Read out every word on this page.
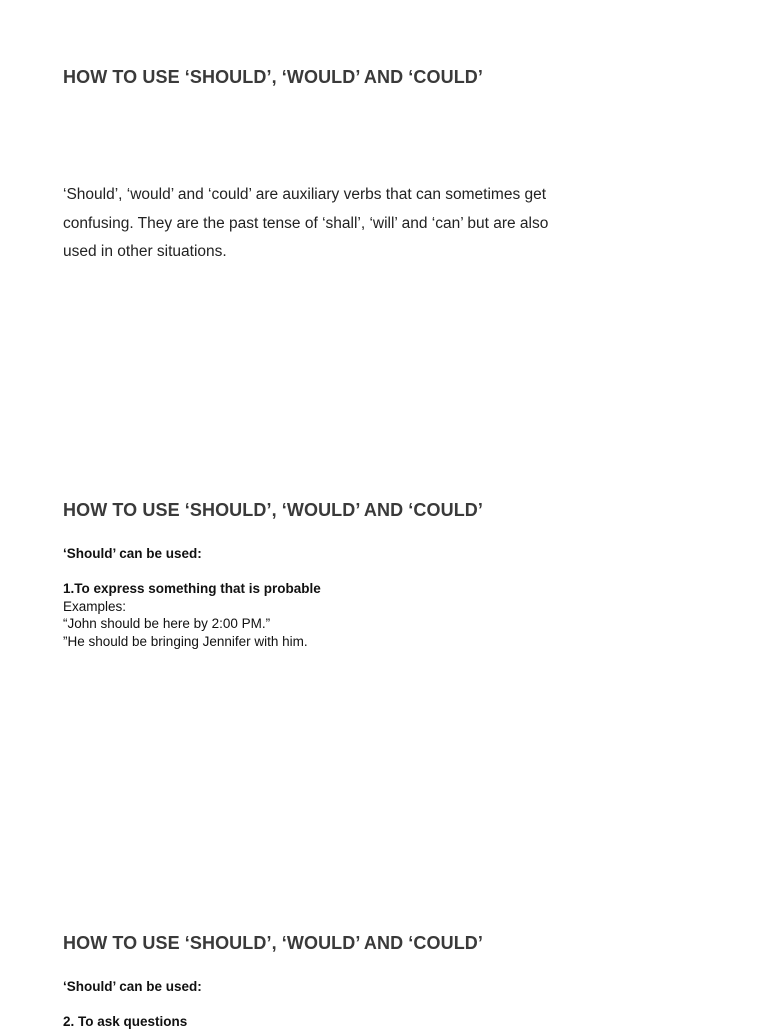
HOW TO USE ‘SHOULD’, ‘WOULD’ AND ‘COULD’

‘Should’, ‘would’ and ‘could’ are auxiliary verbs that can sometimes get confusing. They are the past tense of ‘shall’, ‘will’ and ‘can’ but are also used in other situations.

HOW TO USE ‘SHOULD’, ‘WOULD’ AND ‘COULD’
‘Should’ can be used:
1.To express something that is probable
Examples:
“John should be here by 2:00 PM.”
”He should be bringing Jennifer with him.
HOW TO USE ‘SHOULD’, ‘WOULD’ AND ‘COULD’
‘Should’ can be used:
2. To ask questions
